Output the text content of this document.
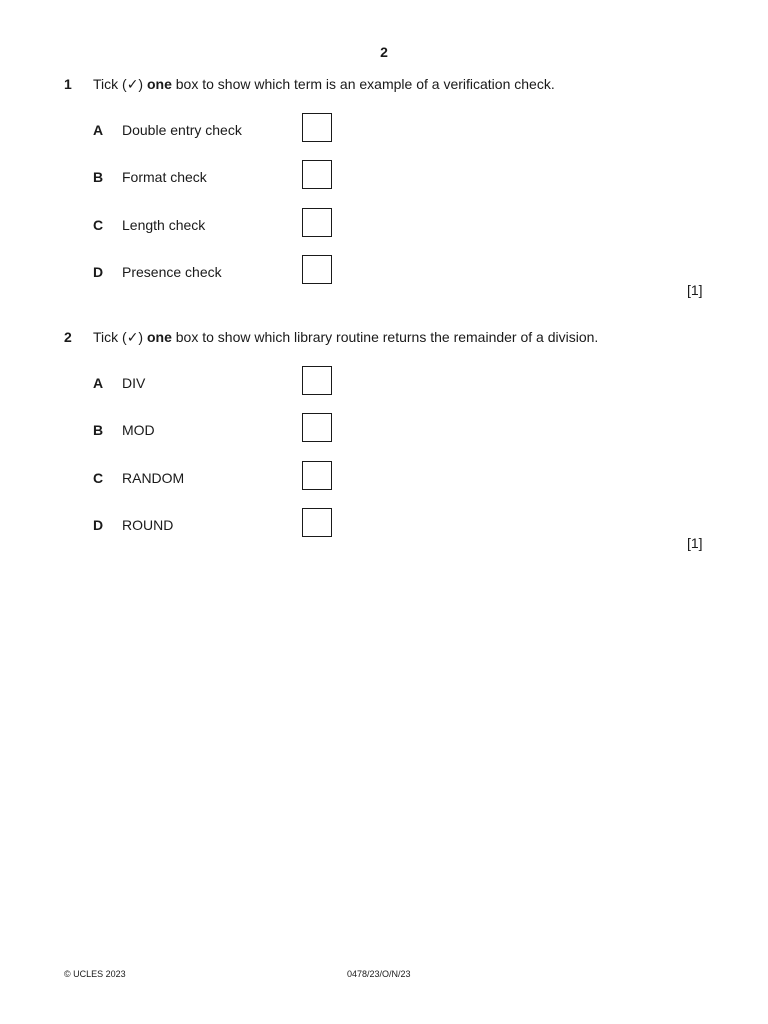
2
1 Tick (✓) one box to show which term is an example of a verification check.
A Double entry check
B Format check
C Length check
D Presence check
[1]
2 Tick (✓) one box to show which library routine returns the remainder of a division.
A DIV
B MOD
C RANDOM
D ROUND
[1]
© UCLES 2023	0478/23/O/N/23
